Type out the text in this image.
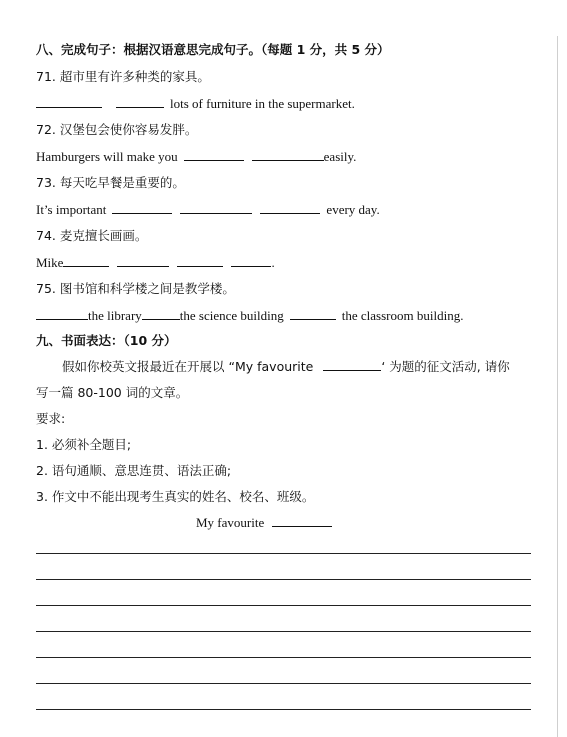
八、完成句子：根据汉语意思完成句子。（每题 1 分，共 5 分）
71. 超市里有许多种类的家具。
lots of furniture in the supermarket.
72. 汉堡包会使你容易发胖。
Hamburgers will make you	easily.
73. 每天吃早餐是重要的。
It’s important	every day.
74. 麦克擅长画画。
Mike	.
75. 图书馆和科学楼之间是教学楼。
the library	the science building	the classroom building.
九、书面表达：（10 分）
假如你校英文报最近在开展以 “My favourite	‘ 为题的征文活动, 请你
写一篇 80-100 词的文章。
要求:
1. 必须补全题目;
2. 语句通顺、意思连贯、语法正确;
3. 作文中不能出现考生真实的姓名、校名、班级。
My favourite
